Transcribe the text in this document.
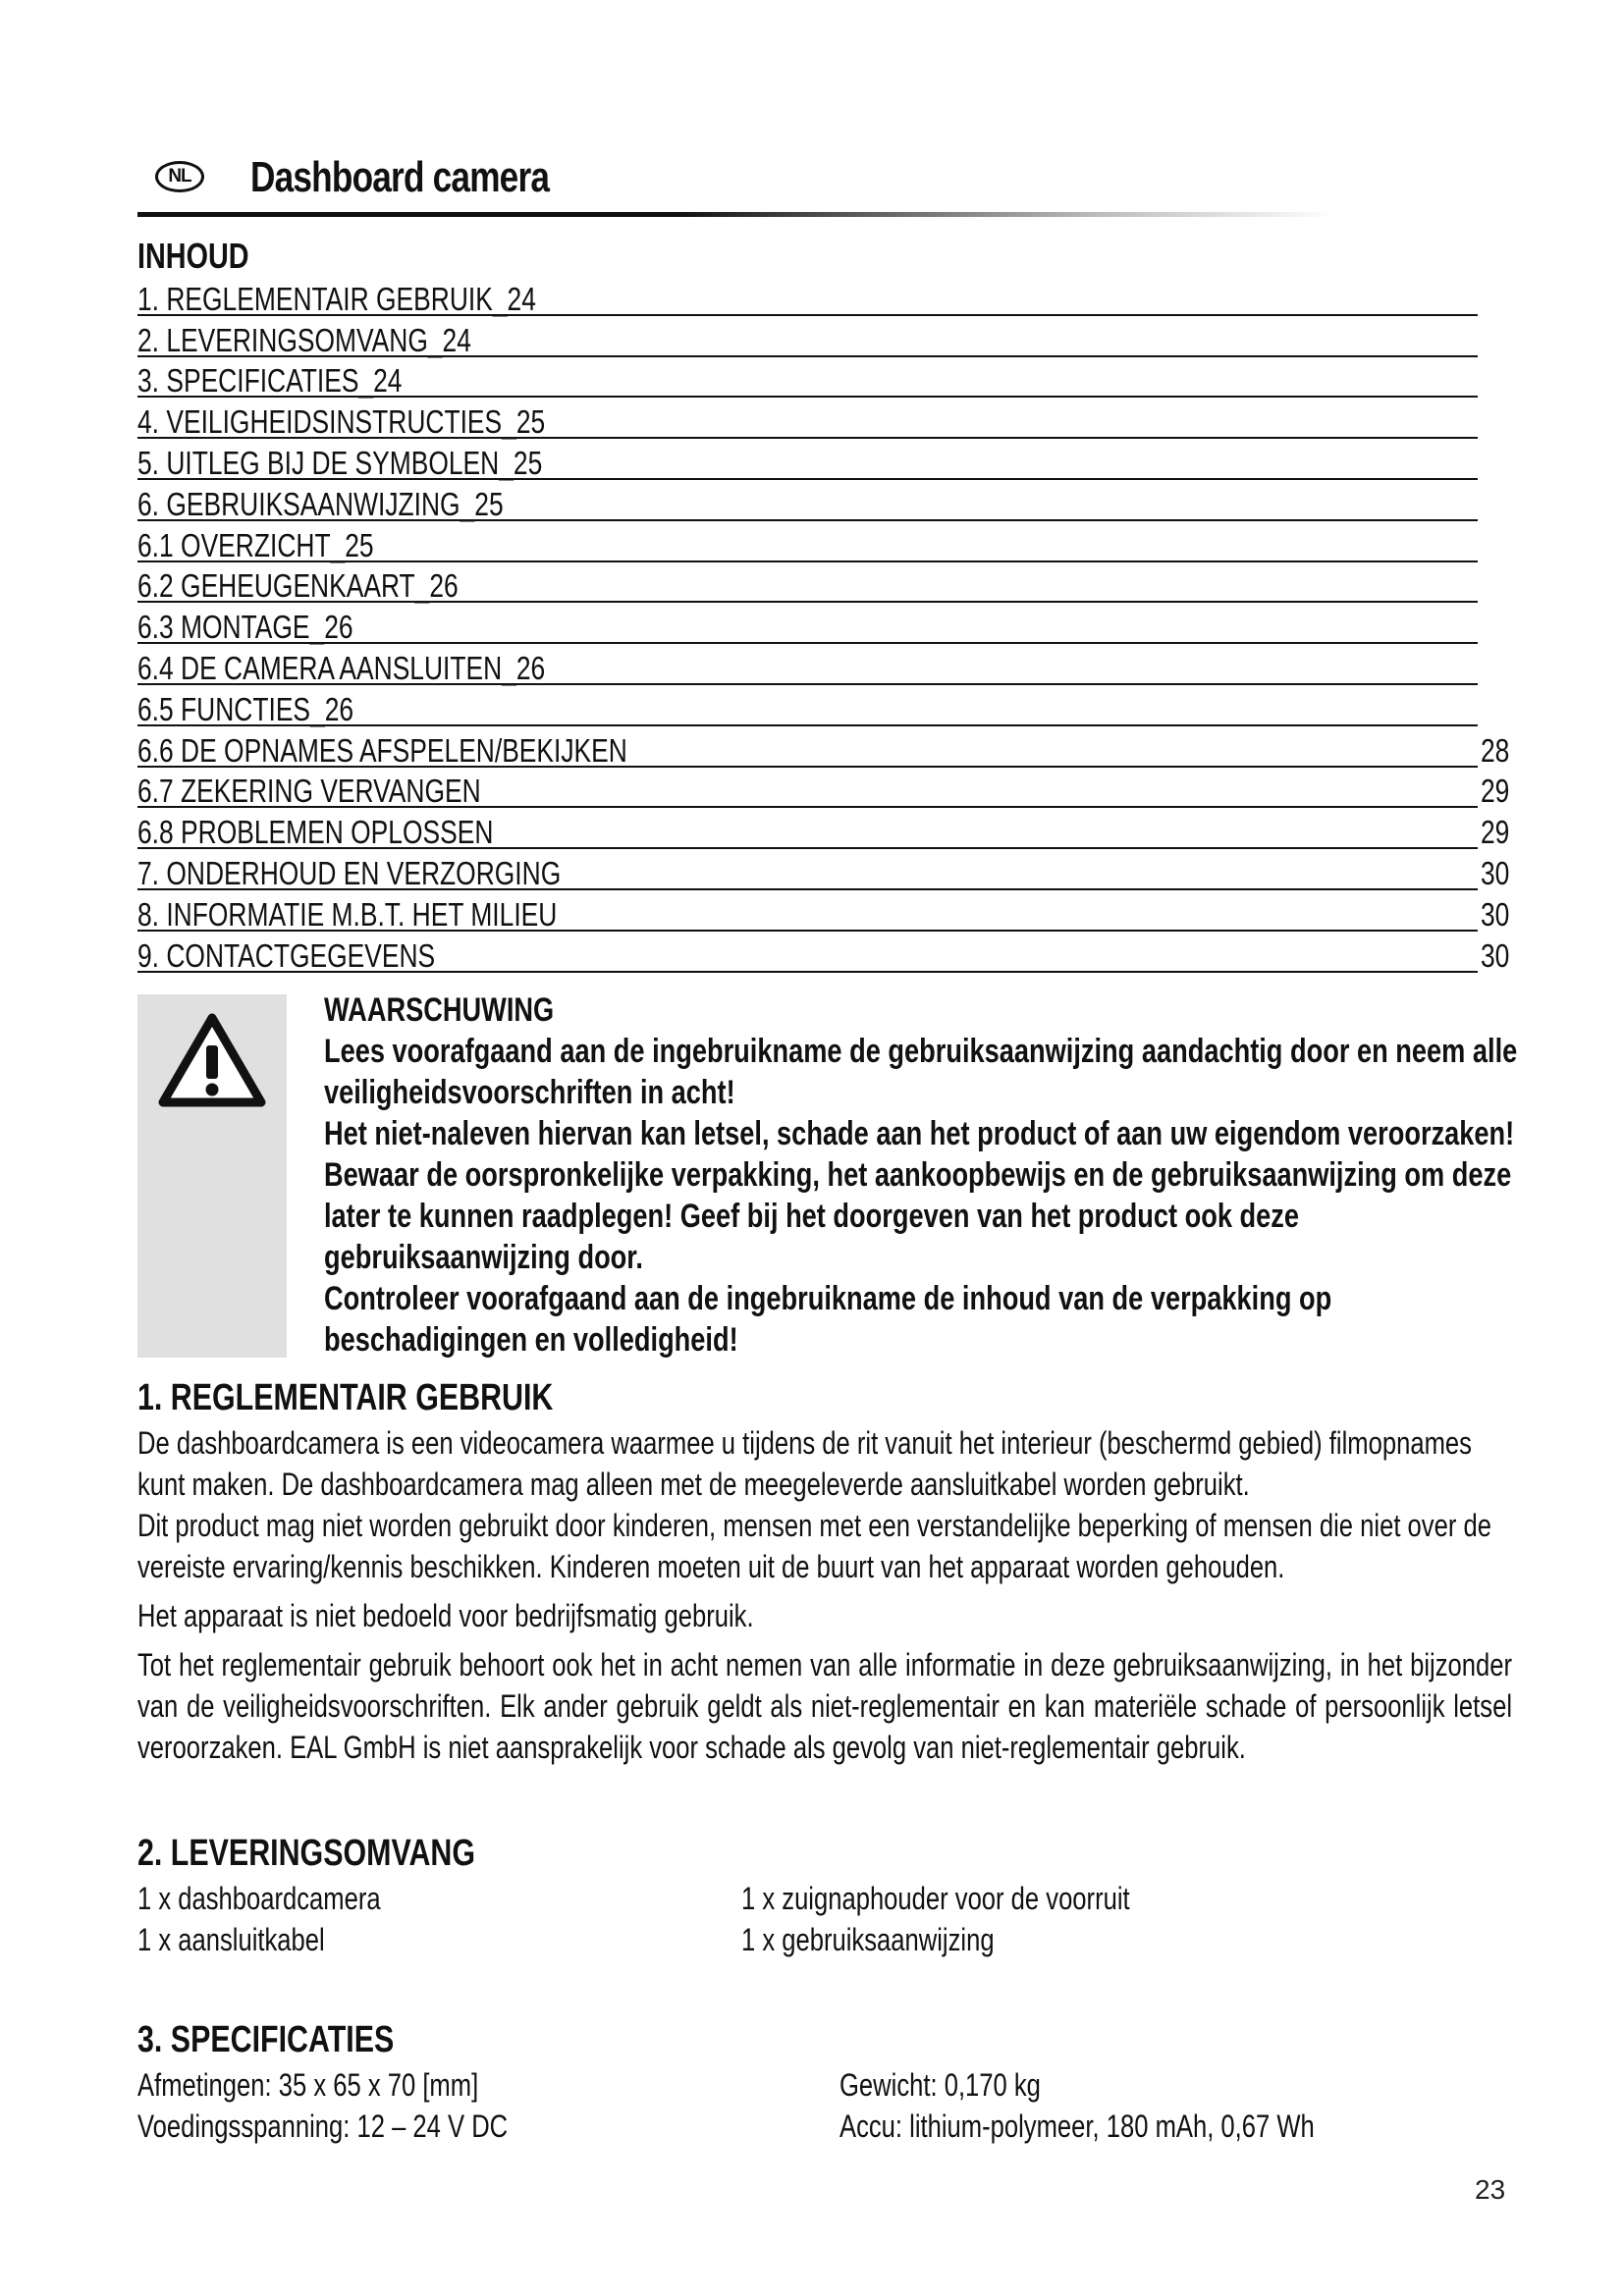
NL	Dashboard camera
INHOUD
1. REGLEMENTAIR GEBRUIK_24
2. LEVERINGSOMVANG_24
3. SPECIFICATIES_24
4. VEILIGHEIDSINSTRUCTIES_25
5. UITLEG BIJ DE SYMBOLEN_25
6. GEBRUIKSAANWIJZING_25
6.1 OVERZICHT_25
6.2 GEHEUGENKAART_26
6.3 MONTAGE_26
6.4 DE CAMERA AANSLUITEN_26
6.5 FUNCTIES_26
6.6 DE OPNAMES AFSPELEN/BEKIJKEN	28
6.7 ZEKERING VERVANGEN	29
6.8 PROBLEMEN OPLOSSEN	29
7. ONDERHOUD EN VERZORGING	30
8. INFORMATIE M.B.T. HET MILIEU	30
9. CONTACTGEGEVENS	30
WAARSCHUWING
Lees voorafgaand aan de ingebruikname de gebruiksaanwijzing aandachtig door en neem alle veiligheidsvoorschriften in acht!
Het niet-naleven hiervan kan letsel, schade aan het product of aan uw eigendom veroorzaken!
Bewaar de oorspronkelijke verpakking, het aankoopbewijs en de gebruiksaanwijzing om deze later te kunnen raadplegen! Geef bij het doorgeven van het product ook deze gebruiksaanwijzing door.
Controleer voorafgaand aan de ingebruikname de inhoud van de verpakking op beschadigingen en volledigheid!
1. REGLEMENTAIR GEBRUIK
De dashboardcamera is een videocamera waarmee u tijdens de rit vanuit het interieur (beschermd gebied) filmopnames kunt maken. De dashboardcamera mag alleen met de meegeleverde aansluitkabel worden gebruikt.
Dit product mag niet worden gebruikt door kinderen, mensen met een verstandelijke beperking of mensen die niet over de vereiste ervaring/kennis beschikken. Kinderen moeten uit de buurt van het apparaat worden gehouden.
Het apparaat is niet bedoeld voor bedrijfsmatig gebruik.
Tot het reglementair gebruik behoort ook het in acht nemen van alle informatie in deze gebruiksaanwijzing, in het bijzonder van de veiligheidsvoorschriften. Elk ander gebruik geldt als niet-reglementair en kan materiële schade of persoonlijk letsel veroorzaken. EAL GmbH is niet aansprakelijk voor schade als gevolg van niet-reglementair gebruik.
2. LEVERINGSOMVANG
1 x dashboardcamera	1 x zuignaphouder voor de voorruit
1 x aansluitkabel	1 x gebruiksaanwijzing
3. SPECIFICATIES
Afmetingen: 35 x 65 x 70 [mm]	Gewicht: 0,170 kg
Voedingsspanning: 12 – 24 V DC	Accu: lithium-polymeer, 180 mAh, 0,67 Wh
23
